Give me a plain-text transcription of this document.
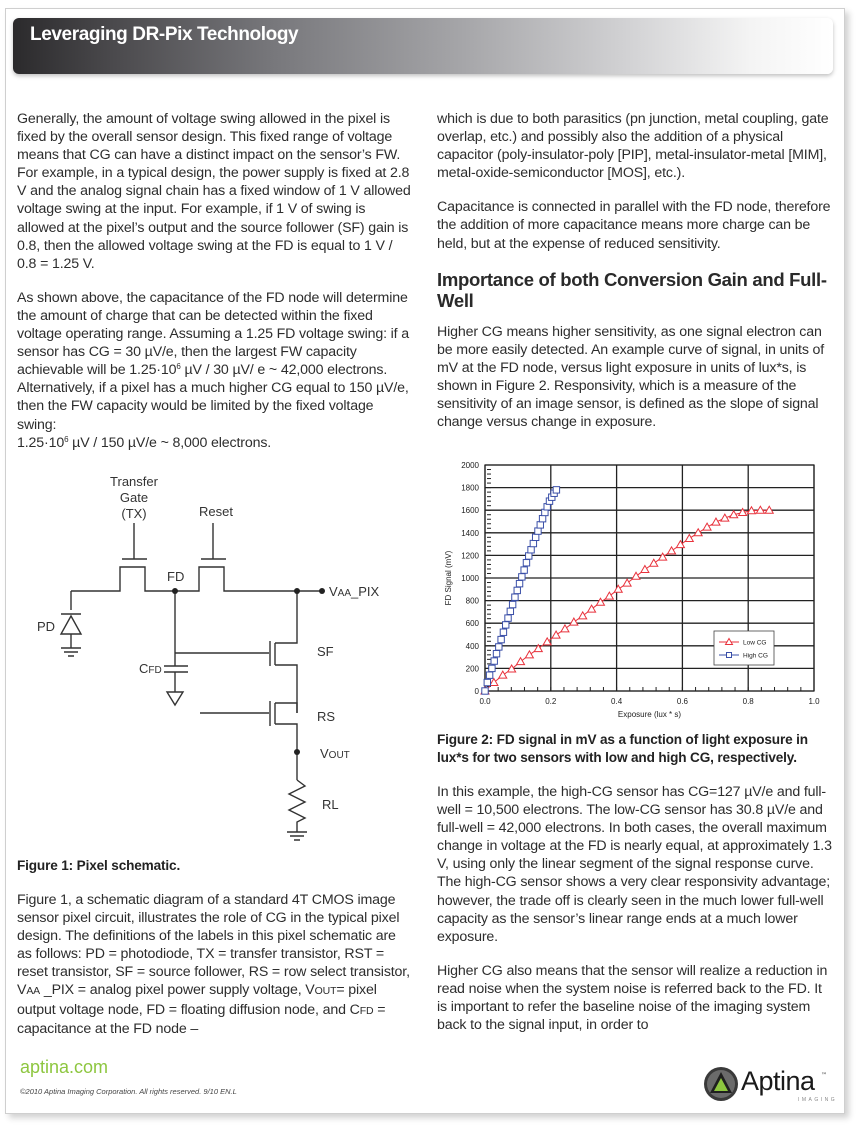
Leveraging DR-Pix Technology

Generally, the amount of voltage swing allowed in the pixel is fixed by the overall sensor design. This fixed range of voltage means that CG can have a distinct impact on the sensor’s FW. For example, in a typical design, the power supply is fixed at 2.8 V and the analog signal chain has a fixed window of 1 V allowed voltage swing at the input. For example, if 1 V of swing is allowed at the pixel’s output and the source follower (SF) gain is 0.8, then the allowed voltage swing at the FD is equal to 1 V / 0.8 = 1.25 V.

As shown above, the capacitance of the FD node will determine the amount of charge that can be detected within the fixed voltage operating range. Assuming a 1.25 FD voltage swing: if a sensor has CG = 30 µV/e, then the largest FW capacity achievable will be $1.25\cdot 10^6$ µV / 30 µV/ e ~ 42,000 electrons. Alternatively, if a pixel has a much higher CG equal to 150 µV/e, then the FW capacity would be limited by the fixed voltage swing:
$1.25\cdot 10^6$ µV / 150 µV/e ~ 8,000 electrons.

Transfer
Gate
(TX)	Reset
FD
VAA_PIX
PD
CFD
SF
RS
VOUT
RL

Figure 1: Pixel schematic.

Figure 1, a schematic diagram of a standard 4T CMOS image sensor pixel circuit, illustrates the role of CG in the typical pixel design. The definitions of the labels in this pixel schematic are as follows: PD = photodiode, TX = transfer transistor, RST = reset transistor, SF = source follower, RS = row select transistor, VAA _PIX = analog pixel power supply voltage, VOUT= pixel output voltage node, FD = floating diffusion node, and CFD = capacitance at the FD node –

which is due to both parasitics (pn junction, metal coupling, gate overlap, etc.) and possibly also the addition of a physical capacitor (poly-insulator-poly [PIP], metal-insulator-metal [MIM], metal-oxide-semiconductor [MOS], etc.).

Capacitance is connected in parallel with the FD node, therefore the addition of more capacitance means more charge can be held, but at the expense of reduced sensitivity.

Importance of both Conversion Gain and Full-Well

Higher CG means higher sensitivity, as one signal electron can be more easily detected. An example curve of signal, in units of mV at the FD node, versus light exposure in units of lux*s, is shown in Figure 2. Responsivity, which is a measure of the sensitivity of an image sensor, is defined as the slope of signal change versus change in exposure.

0
200
400
600
800
1000
1200
1400
1600
1800
2000
0.0	0.2	0.4	0.6	0.8	1.0
Exposure (lux * s)
FD Signal (mV)
Low CG
High CG

Figure 2: FD signal in mV as a function of light exposure in lux*s for two sensors with low and high CG, respectively.

In this example, the high-CG sensor has CG=127 µV/e and full-well = 10,500 electrons. The low-CG sensor has 30.8 µV/e and full-well = 42,000 electrons. In both cases, the overall maximum change in voltage at the FD is nearly equal, at approximately 1.3 V, using only the linear segment of the signal response curve. The high-CG sensor shows a very clear responsivity advantage; however, the trade off is clearly seen in the much lower full-well capacity as the sensor’s linear range ends at a much lower exposure.

Higher CG also means that the sensor will realize a reduction in read noise when the system noise is referred back to the FD. It is important to refer the baseline noise of the imaging system back to the signal input, in order to

aptina.com
©2010 Aptina Imaging Corporation. All rights reserved. 9/10 EN.L	Aptina ™
IMAGING
